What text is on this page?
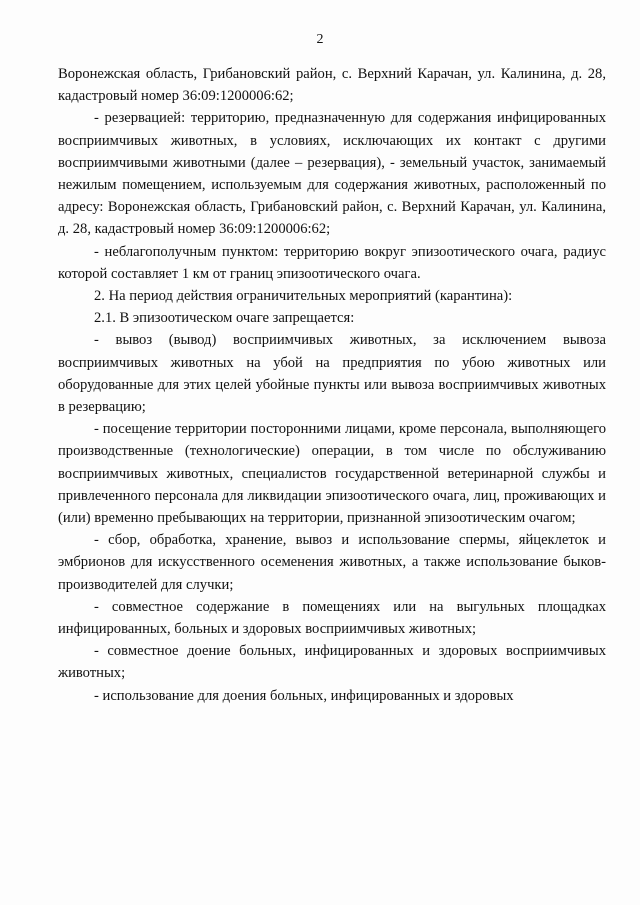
2

Воронежская область, Грибановский район, с. Верхний Карачан, ул. Калинина, д. 28, кадастровый номер 36:09:1200006:62;

- резервацией: территорию, предназначенную для содержания инфицированных восприимчивых животных, в условиях, исключающих их контакт с другими восприимчивыми животными (далее – резервация), - земельный участок, занимаемый нежилым помещением, используемым для содержания животных, расположенный по адресу: Воронежская область, Грибановский район, с. Верхний Карачан, ул. Калинина, д. 28, кадастровый номер 36:09:1200006:62;

- неблагополучным пунктом: территорию вокруг эпизоотического очага, радиус которой составляет 1 км от границ эпизоотического очага.

2. На период действия ограничительных мероприятий (карантина):

2.1. В эпизоотическом очаге запрещается:

- вывоз (вывод) восприимчивых животных, за исключением вывоза восприимчивых животных на убой на предприятия по убою животных или оборудованные для этих целей убойные пункты или вывоза восприимчивых животных в резервацию;

- посещение территории посторонними лицами, кроме персонала, выполняющего производственные (технологические) операции, в том числе по обслуживанию восприимчивых животных, специалистов государственной ветеринарной службы и привлеченного персонала для ликвидации эпизоотического очага, лиц, проживающих и (или) временно пребывающих на территории, признанной эпизоотическим очагом;

- сбор, обработка, хранение, вывоз и использование спермы, яйцеклеток и эмбрионов для искусственного осеменения животных, а также использование быков-производителей для случки;

- совместное содержание в помещениях или на выгульных площадках инфицированных, больных и здоровых восприимчивых животных;

- совместное доение больных, инфицированных и здоровых восприимчивых животных;

- использование для доения больных, инфицированных и здоровых
